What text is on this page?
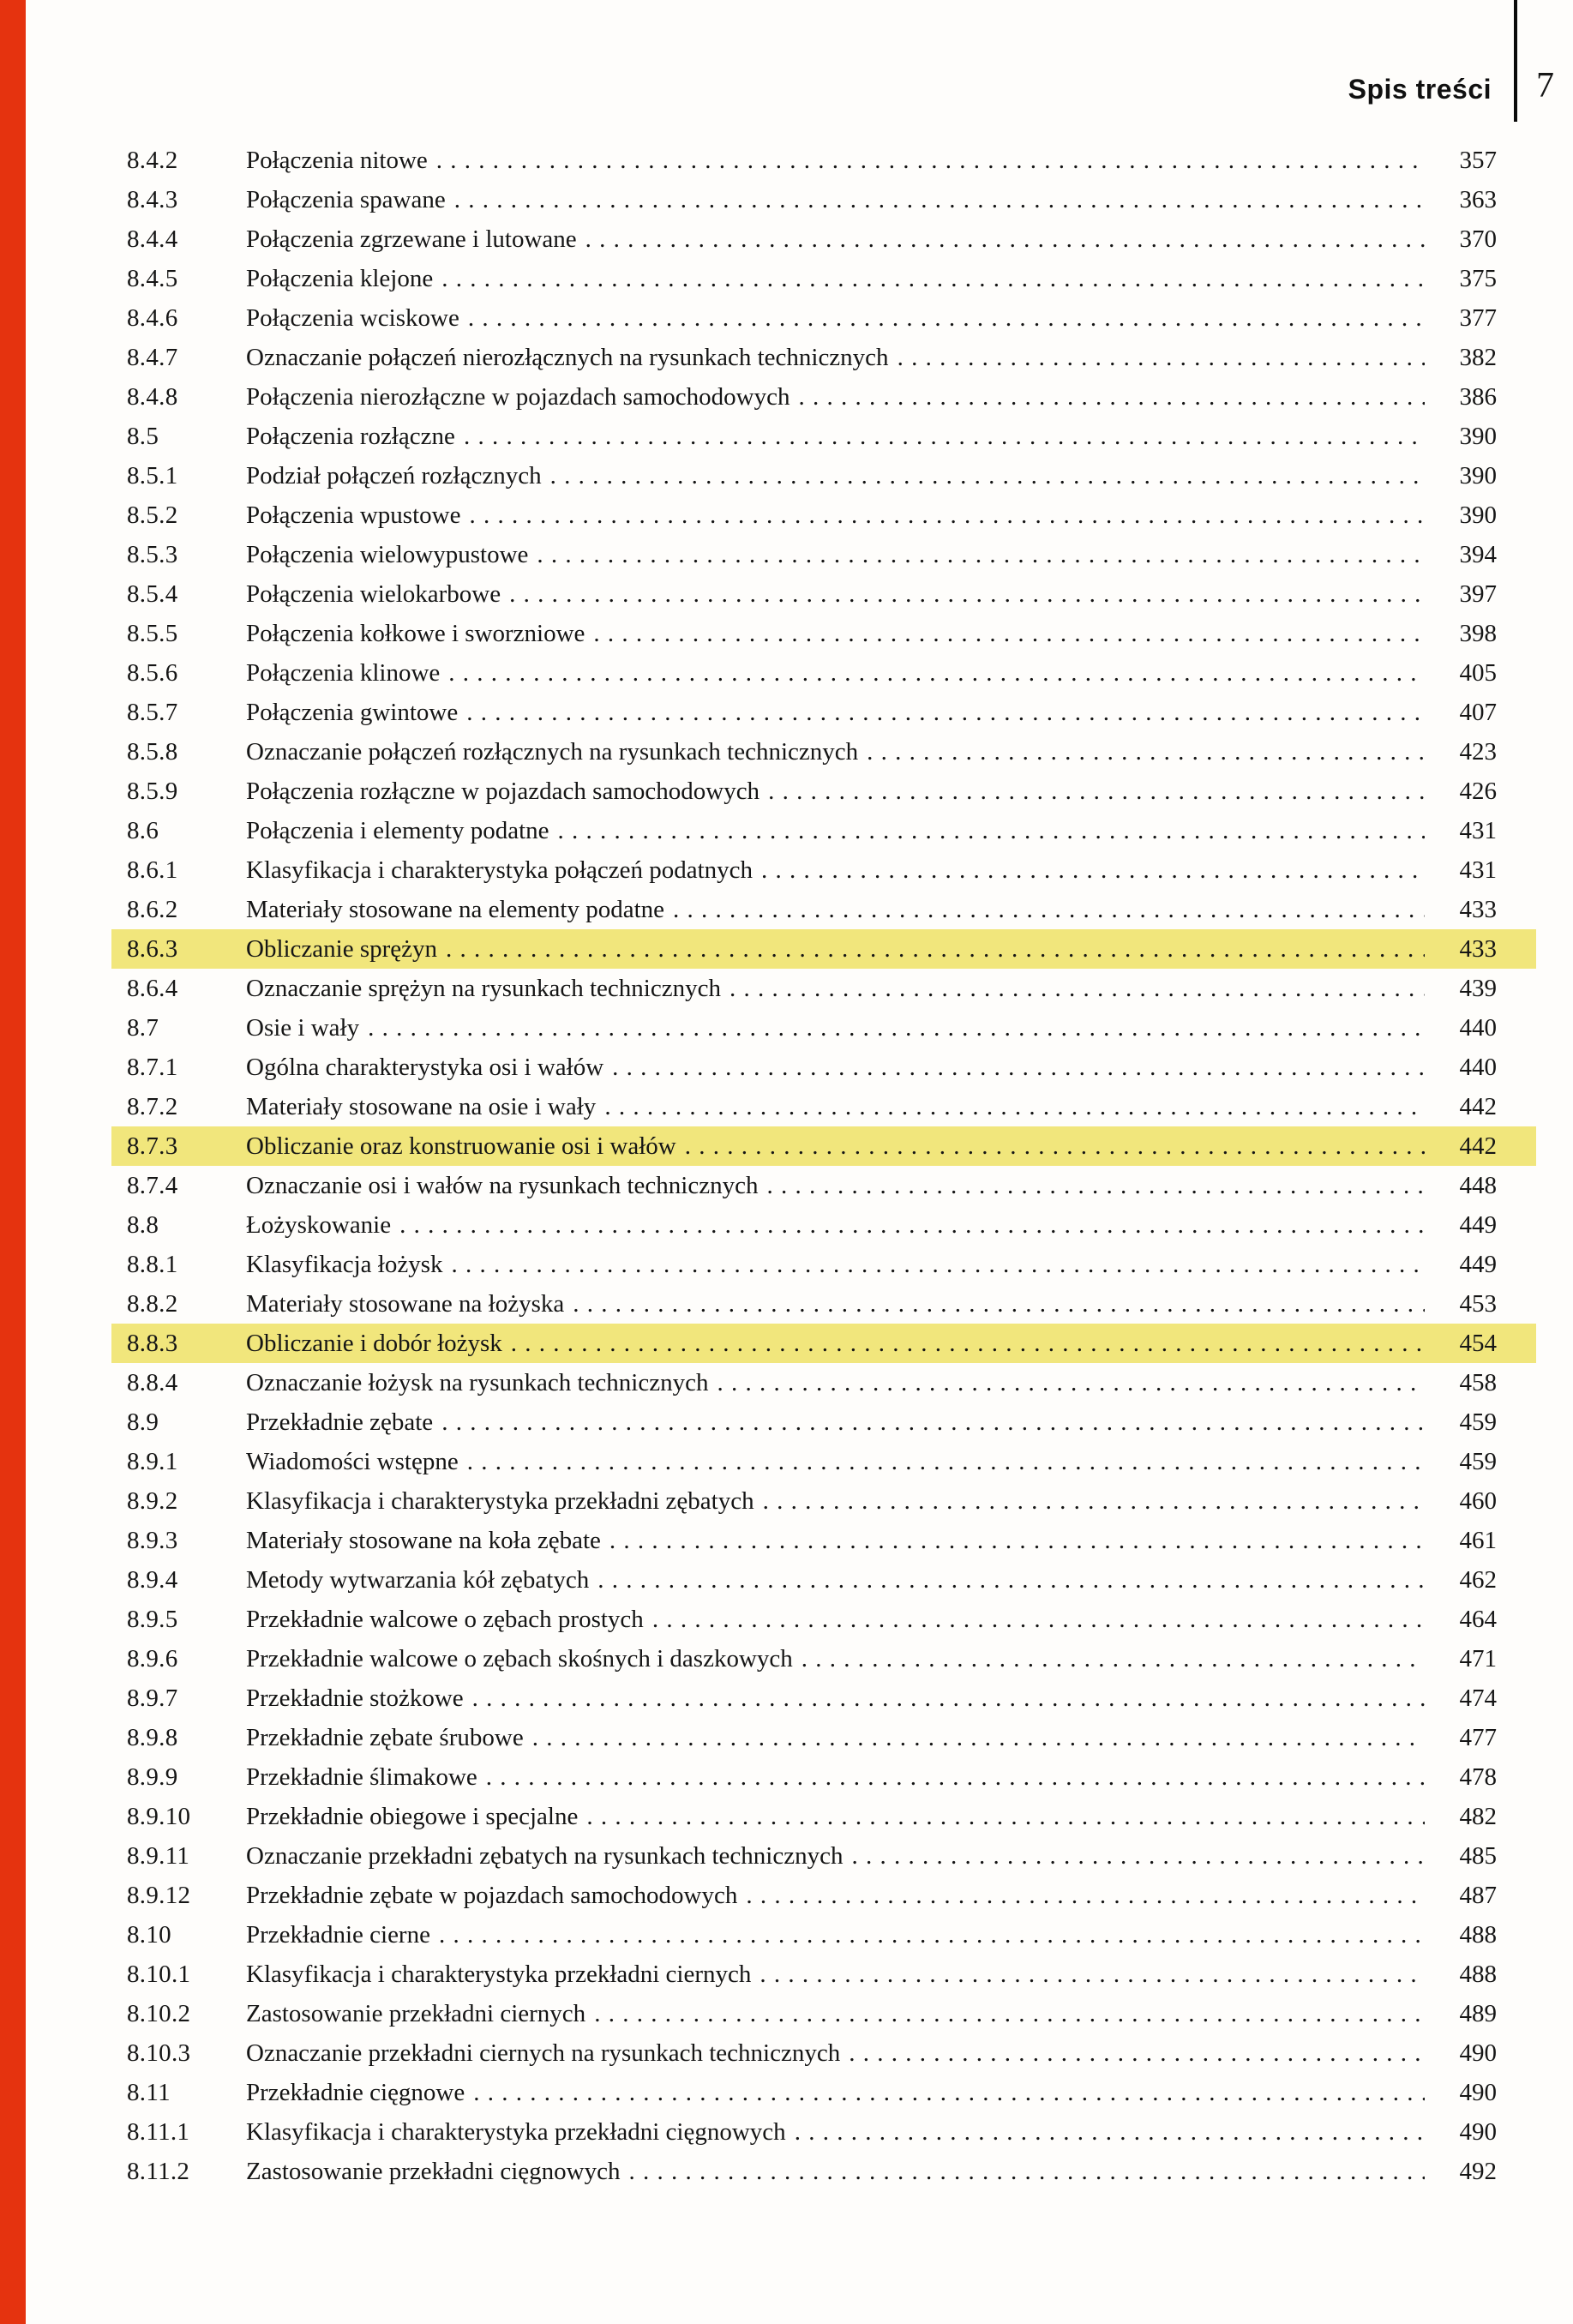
Spis treści 7
8.4.2	Połączenia nitowe . . .	357
8.4.3	Połączenia spawane . . .	363
8.4.4	Połączenia zgrzewane i lutowane . . .	370
8.4.5	Połączenia klejone . . .	375
8.4.6	Połączenia wciskowe . . .	377
8.4.7	Oznaczanie połączeń nierozłącznych na rysunkach technicznych . . .	382
8.4.8	Połączenia nierozłączne w pojazdach samochodowych . . .	386
8.5	Połączenia rozłączne . . .	390
8.5.1	Podział połączeń rozłącznych . . .	390
8.5.2	Połączenia wpustowe . . .	390
8.5.3	Połączenia wielowypustowe . . .	394
8.5.4	Połączenia wielokarbowe . . .	397
8.5.5	Połączenia kołkowe i sworzniowe . . .	398
8.5.6	Połączenia klinowe . . .	405
8.5.7	Połączenia gwintowe . . .	407
8.5.8	Oznaczanie połączeń rozłącznych na rysunkach technicznych . . .	423
8.5.9	Połączenia rozłączne w pojazdach samochodowych . . .	426
8.6	Połączenia i elementy podatne . . .	431
8.6.1	Klasyfikacja i charakterystyka połączeń podatnych . . .	431
8.6.2	Materiały stosowane na elementy podatne . . .	433
8.6.3	Obliczanie sprężyn . . .	433
8.6.4	Oznaczanie sprężyn na rysunkach technicznych . . .	439
8.7	Osie i wały . . .	440
8.7.1	Ogólna charakterystyka osi i wałów . . .	440
8.7.2	Materiały stosowane na osie i wały . . .	442
8.7.3	Obliczanie oraz konstruowanie osi i wałów . . .	442
8.7.4	Oznaczanie osi i wałów na rysunkach technicznych . . .	448
8.8	Łożyskowanie . . .	449
8.8.1	Klasyfikacja łożysk . . .	449
8.8.2	Materiały stosowane na łożyska . . .	453
8.8.3	Obliczanie i dobór łożysk . . .	454
8.8.4	Oznaczanie łożysk na rysunkach technicznych . . .	458
8.9	Przekładnie zębate . . .	459
8.9.1	Wiadomości wstępne . . .	459
8.9.2	Klasyfikacja i charakterystyka przekładni zębatych . . .	460
8.9.3	Materiały stosowane na koła zębate . . .	461
8.9.4	Metody wytwarzania kół zębatych . . .	462
8.9.5	Przekładnie walcowe o zębach prostych . . .	464
8.9.6	Przekładnie walcowe o zębach skośnych i daszkowych . . .	471
8.9.7	Przekładnie stożkowe . . .	474
8.9.8	Przekładnie zębate śrubowe . . .	477
8.9.9	Przekładnie ślimakowe . . .	478
8.9.10	Przekładnie obiegowe i specjalne . . .	482
8.9.11	Oznaczanie przekładni zębatych na rysunkach technicznych . . .	485
8.9.12	Przekładnie zębate w pojazdach samochodowych . . .	487
8.10	Przekładnie cierne . . .	488
8.10.1	Klasyfikacja i charakterystyka przekładni ciernych . . .	488
8.10.2	Zastosowanie przekładni ciernych . . .	489
8.10.3	Oznaczanie przekładni ciernych na rysunkach technicznych . . .	490
8.11	Przekładnie cięgnowe . . .	490
8.11.1	Klasyfikacja i charakterystyka przekładni cięgnowych . . .	490
8.11.2	Zastosowanie przekładni cięgnowych . . .	492
